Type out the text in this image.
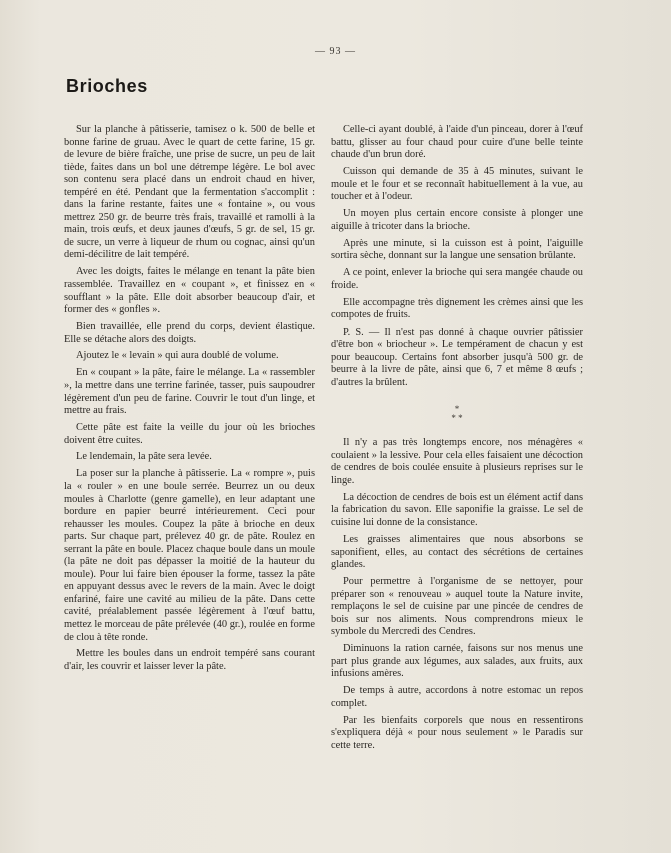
— 93 —
Brioches

Sur la planche à pâtisserie, tamisez o k. 500 de belle et bonne farine de gruau. Avec le quart de cette farine, 15 gr. de levure de bière fraîche, une prise de sucre, un peu de lait tiède, faites dans un bol une détrempe légère. Le bol avec son contenu sera placé dans un endroit chaud en hiver, tempéré en été. Pendant que la fermentation s'accomplit : dans la farine restante, faites une « fontaine », ou vous mettrez 250 gr. de beurre très frais, travaillé et ramolli à la main, trois œufs, et deux jaunes d'œufs, 5 gr. de sel, 15 gr. de sucre, un verre à liqueur de rhum ou cognac, ainsi qu'un demi-décilitre de lait tempéré.

Avec les doigts, faites le mélange en tenant la pâte bien rassemblée. Travaillez en « coupant », et finissez en « soufflant » la pâte. Elle doit absorber beaucoup d'air, et former des « gonfles ».

Bien travaillée, elle prend du corps, devient élastique. Elle se détache alors des doigts.

Ajoutez le « levain » qui aura doublé de volume.

En « coupant » la pâte, faire le mélange. La « rassembler », la mettre dans une terrine farinée, tasser, puis saupoudrer légèrement d'un peu de farine. Couvrir le tout d'un linge, et mettre au frais.

Cette pâte est faite la veille du jour où les brioches doivent être cuites.

Le lendemain, la pâte sera levée.

La poser sur la planche à pâtisserie. La « rompre », puis la « rouler » en une boule serrée. Beurrez un ou deux moules à Charlotte (genre gamelle), en leur adaptant une bordure en papier beurré intérieurement. Ceci pour rehausser les moules. Coupez la pâte à brioche en deux parts. Sur chaque part, prélevez 40 gr. de pâte. Roulez en serrant la pâte en boule. Placez chaque boule dans un moule (la pâte ne doit pas dépasser la moitié de la hauteur du moule). Pour lui faire bien épouser la forme, tassez la pâte en appuyant dessus avec le revers de la main. Avec le doigt enfariné, faire une cavité au milieu de la pâte. Dans cette cavité, préalablement passée légèrement à l'œuf battu, mettez le morceau de pâte prélevée (40 gr.), roulée en forme de clou à tête ronde.

Mettre les boules dans un endroit tempéré sans courant d'air, les couvrir et laisser lever la pâte.

Celle-ci ayant doublé, à l'aide d'un pinceau, dorer à l'œuf battu, glisser au four chaud pour cuire d'une belle teinte chaude d'un brun doré.

Cuisson qui demande de 35 à 45 minutes, suivant le moule et le four et se reconnaît habituellement à la vue, au toucher et à l'odeur.

Un moyen plus certain encore consiste à plonger une aiguille à tricoter dans la brioche.

Après une minute, si la cuisson est à point, l'aiguille sortira sèche, donnant sur la langue une sensation brûlante.

A ce point, enlever la brioche qui sera mangée chaude ou froide.

Elle accompagne très dignement les crèmes ainsi que les compotes de fruits.

P. S. — Il n'est pas donné à chaque ouvrier pâtissier d'être bon « briocheur ». Le tempérament de chacun y est pour beaucoup. Certains font absorber jusqu'à 500 gr. de beurre à la livre de pâte, ainsi que 6, 7 et même 8 œufs ; d'autres la brûlent.

*
* *

Il n'y a pas très longtemps encore, nos ménagères « coulaient » la lessive. Pour cela elles faisaient une décoction de cendres de bois coulée ensuite à plusieurs reprises sur le linge.

La décoction de cendres de bois est un élément actif dans la fabrication du savon. Elle saponifie la graisse. Le sel de cuisine lui donne de la consistance.

Les graisses alimentaires que nous absorbons se saponifient, elles, au contact des sécrétions de certaines glandes.

Pour permettre à l'organisme de se nettoyer, pour préparer son « renouveau » auquel toute la Nature invite, remplaçons le sel de cuisine par une pincée de cendres de bois sur nos aliments. Nous comprendrons mieux le symbole du Mercredi des Cendres.

Diminuons la ration carnée, faisons sur nos menus une part plus grande aux légumes, aux salades, aux fruits, aux infusions amères.

De temps à autre, accordons à notre estomac un repos complet.

Par les bienfaits corporels que nous en ressentirons s'expliquera déjà « pour nous seulement » le Paradis sur cette terre.
